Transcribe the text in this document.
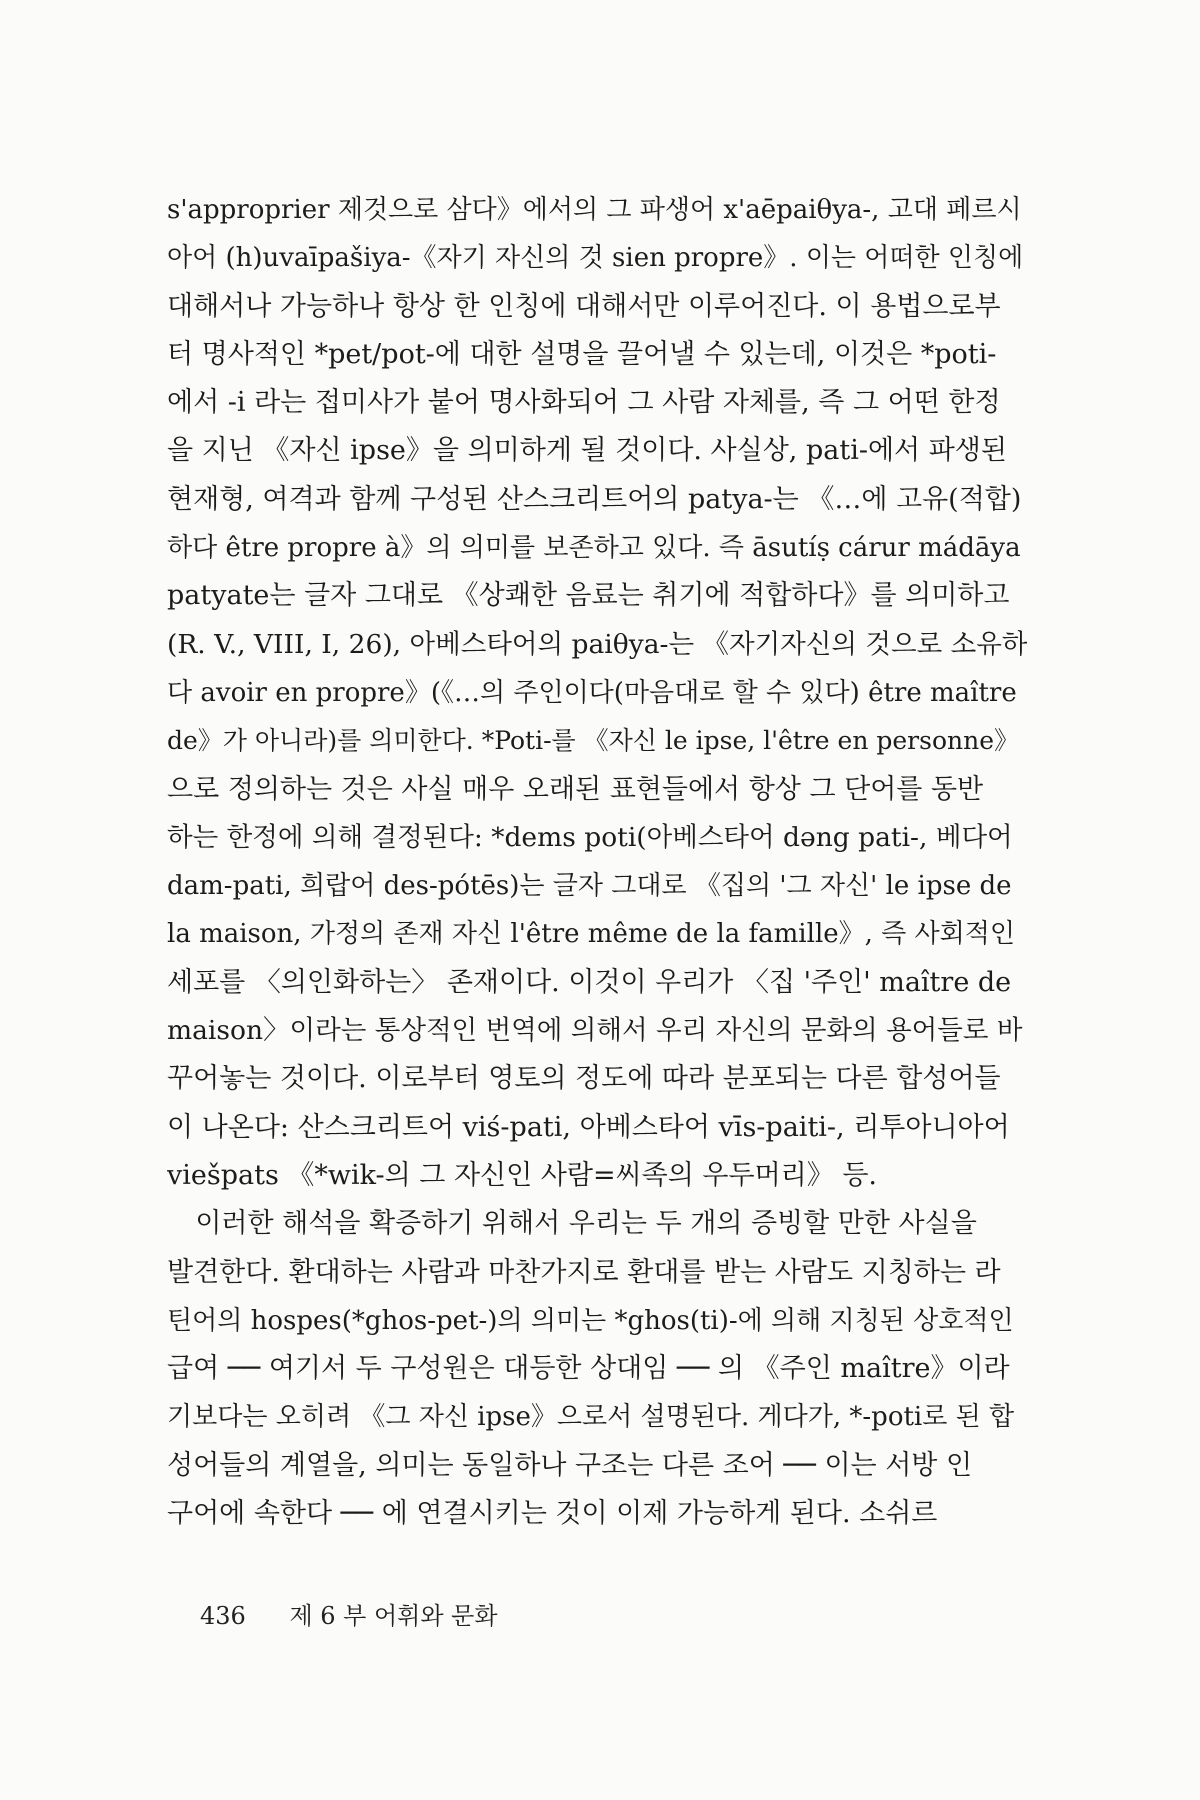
s'approprier 제것으로 삼다》에서의 그 파생어 x'aēpaiθya-, 고대 페르시
아어 (h)uvaīpašiya-《자기 자신의 것 sien propre》. 이는 어떠한 인칭에
대해서나 가능하나 항상 한 인칭에 대해서만 이루어진다. 이 용법으로부
터 명사적인 *pet/pot-에 대한 설명을 끌어낼 수 있는데, 이것은 *poti-
에서 -i 라는 접미사가 붙어 명사화되어 그 사람 자체를, 즉 그 어떤 한정
을 지닌 《자신 ipse》을 의미하게 될 것이다. 사실상, pati-에서 파생된
현재형, 여격과 함께 구성된 산스크리트어의 patya-는 《…에 고유(적합)
하다 être propre à》의 의미를 보존하고 있다. 즉 āsutíṣ cárur mádāya
patyate는 글자 그대로 《상쾌한 음료는 취기에 적합하다》를 의미하고
(R. V., VIII, I, 26), 아베스타어의 paiθya-는 《자기자신의 것으로 소유하
다 avoir en propre》(《…의 주인이다(마음대로 할 수 있다) être maître
de》가 아니라)를 의미한다. *Poti-를 《자신 le ipse, l'être en personne》
으로 정의하는 것은 사실 매우 오래된 표현들에서 항상 그 단어를 동반
하는 한정에 의해 결정된다: *dems poti(아베스타어 dəng pati-, 베다어
dam-pati, 희랍어 des-pótēs)는 글자 그대로 《집의 '그 자신' le ipse de
la maison, 가정의 존재 자신 l'être même de la famille》, 즉 사회적인
세포를 〈의인화하는〉 존재이다. 이것이 우리가 〈집 '주인' maître de
maison〉이라는 통상적인 번역에 의해서 우리 자신의 문화의 용어들로 바
꾸어놓는 것이다. 이로부터 영토의 정도에 따라 분포되는 다른 합성어들
이 나온다: 산스크리트어 viś-pati, 아베스타어 vīs-paiti-, 리투아니아어
viešpats 《*wik-의 그 자신인 사람=씨족의 우두머리》 등.

이러한 해석을 확증하기 위해서 우리는 두 개의 증빙할 만한 사실을
발견한다. 환대하는 사람과 마찬가지로 환대를 받는 사람도 지칭하는 라
틴어의 hospes(*ghos-pet-)의 의미는 *ghos(ti)-에 의해 지칭된 상호적인
급여 ── 여기서 두 구성원은 대등한 상대임 ── 의 《주인 maître》이라
기보다는 오히려 《그 자신 ipse》으로서 설명된다. 게다가, *-poti로 된 합
성어들의 계열을, 의미는 동일하나 구조는 다른 조어 ── 이는 서방 인
구어에 속한다 ── 에 연결시키는 것이 이제 가능하게 된다. 소쉬르

436 제 6 부 어휘와 문화
